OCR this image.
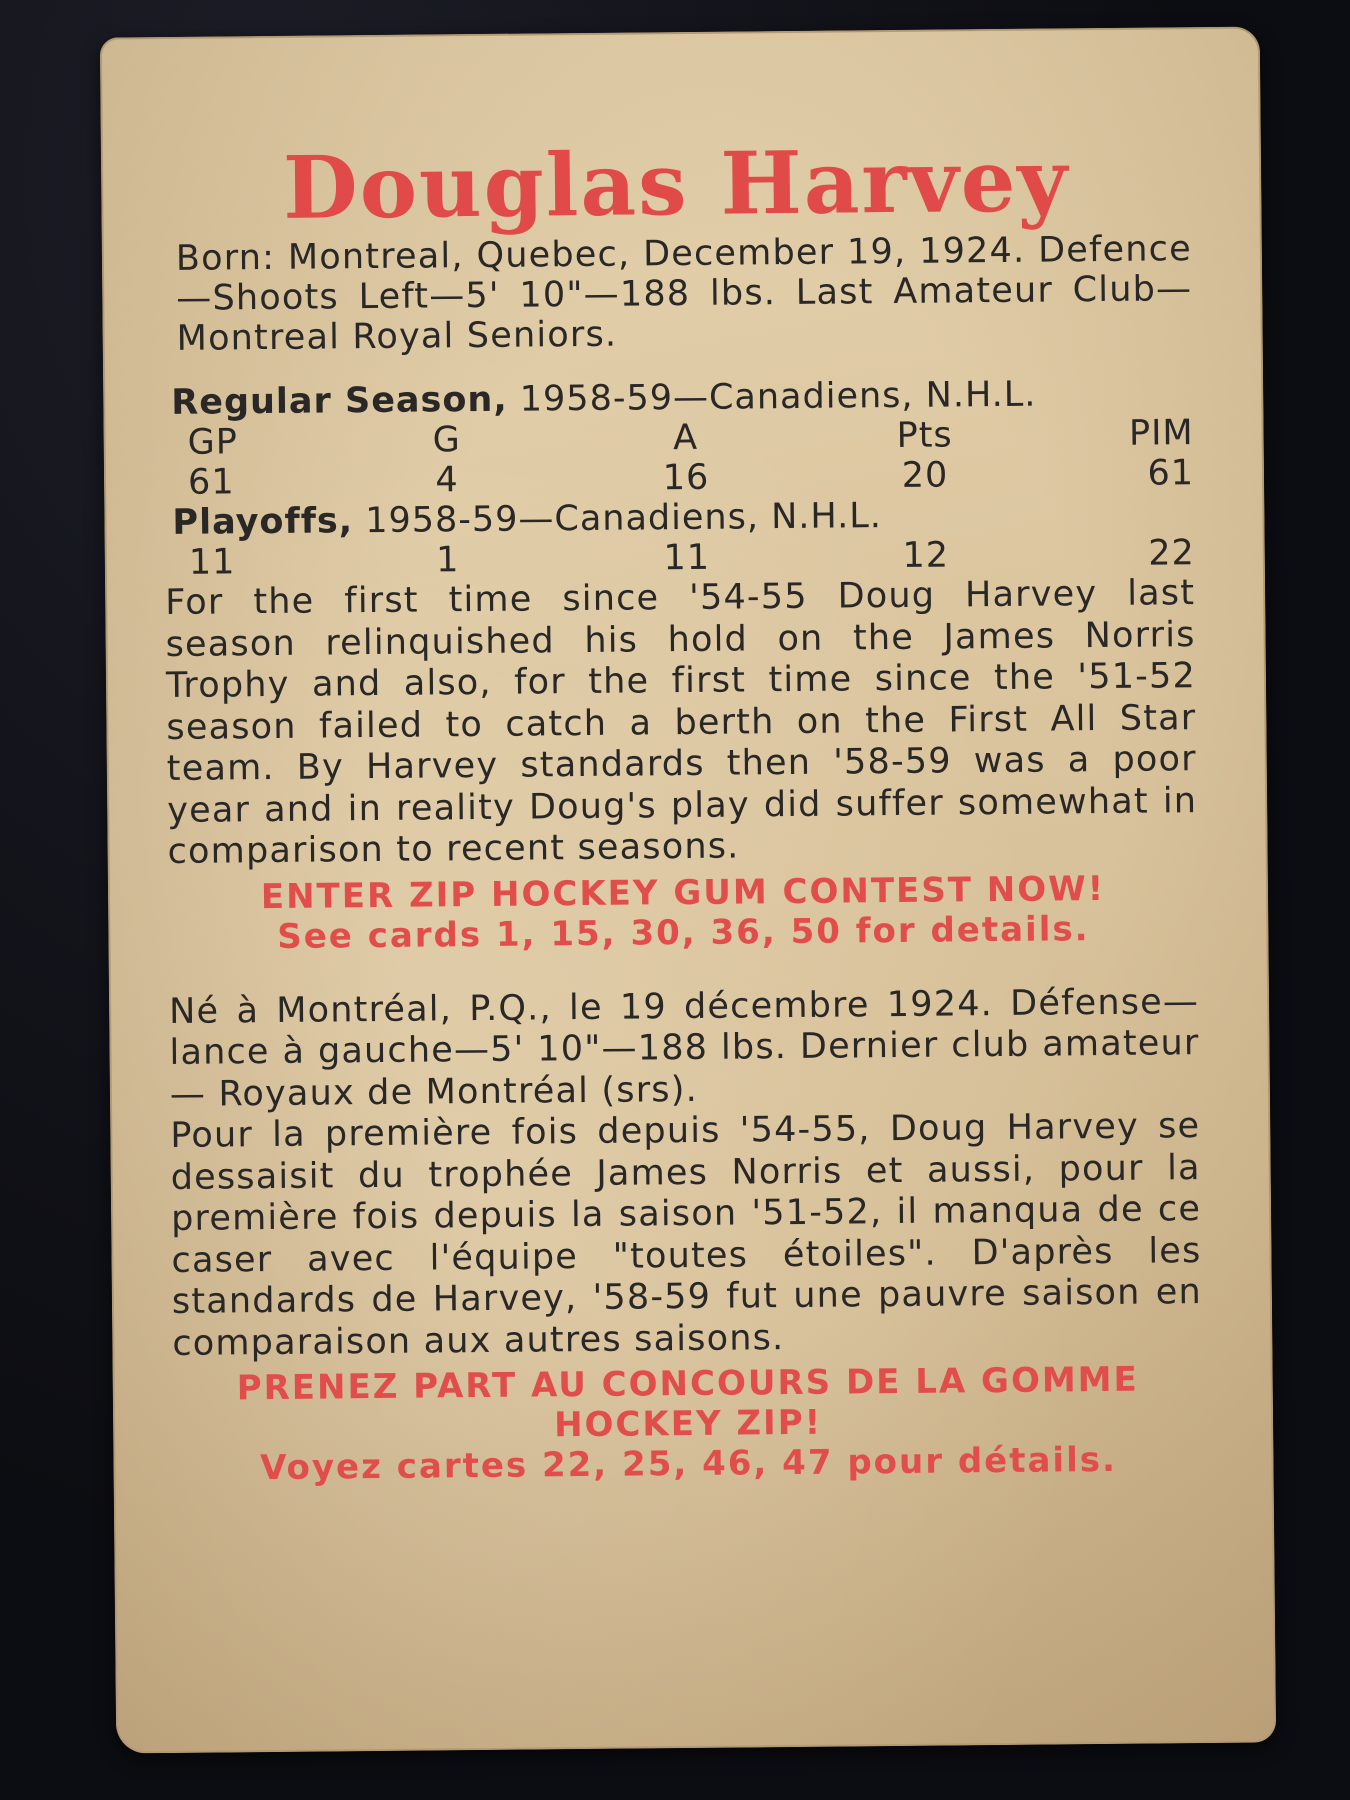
Douglas Harvey

Born: Montreal, Quebec, December 19, 1924. Defence—Shoots Left—5' 10"—188 lbs. Last Amateur Club—Montreal Royal Seniors.

Regular Season, 1958-59—Canadiens, N.H.L.
GP	G	A	Pts	PIM
61	4	16	20	61
Playoffs, 1958-59—Canadiens, N.H.L.
11	1	11	12	22

For the first time since '54-55 Doug Harvey last season relinquished his hold on the James Norris Trophy and also, for the first time since the '51-52 season failed to catch a berth on the First All Star team. By Harvey standards then '58-59 was a poor year and in reality Doug's play did suffer somewhat in comparison to recent seasons.

ENTER ZIP HOCKEY GUM CONTEST NOW!
See cards 1, 15, 30, 36, 50 for details.

Né à Montréal, P.Q., le 19 décembre 1924. Défense—lance à gauche—5' 10"—188 lbs. Dernier club amateur — Royaux de Montréal (srs).

Pour la première fois depuis '54-55, Doug Harvey se dessaisit du trophée James Norris et aussi, pour la première fois depuis la saison '51-52, il manqua de ce caser avec l'équipe "toutes étoiles". D'après les standards de Harvey, '58-59 fut une pauvre saison en comparaison aux autres saisons.

PRENEZ PART AU CONCOURS DE LA GOMME HOCKEY ZIP!
Voyez cartes 22, 25, 46, 47 pour détails.
